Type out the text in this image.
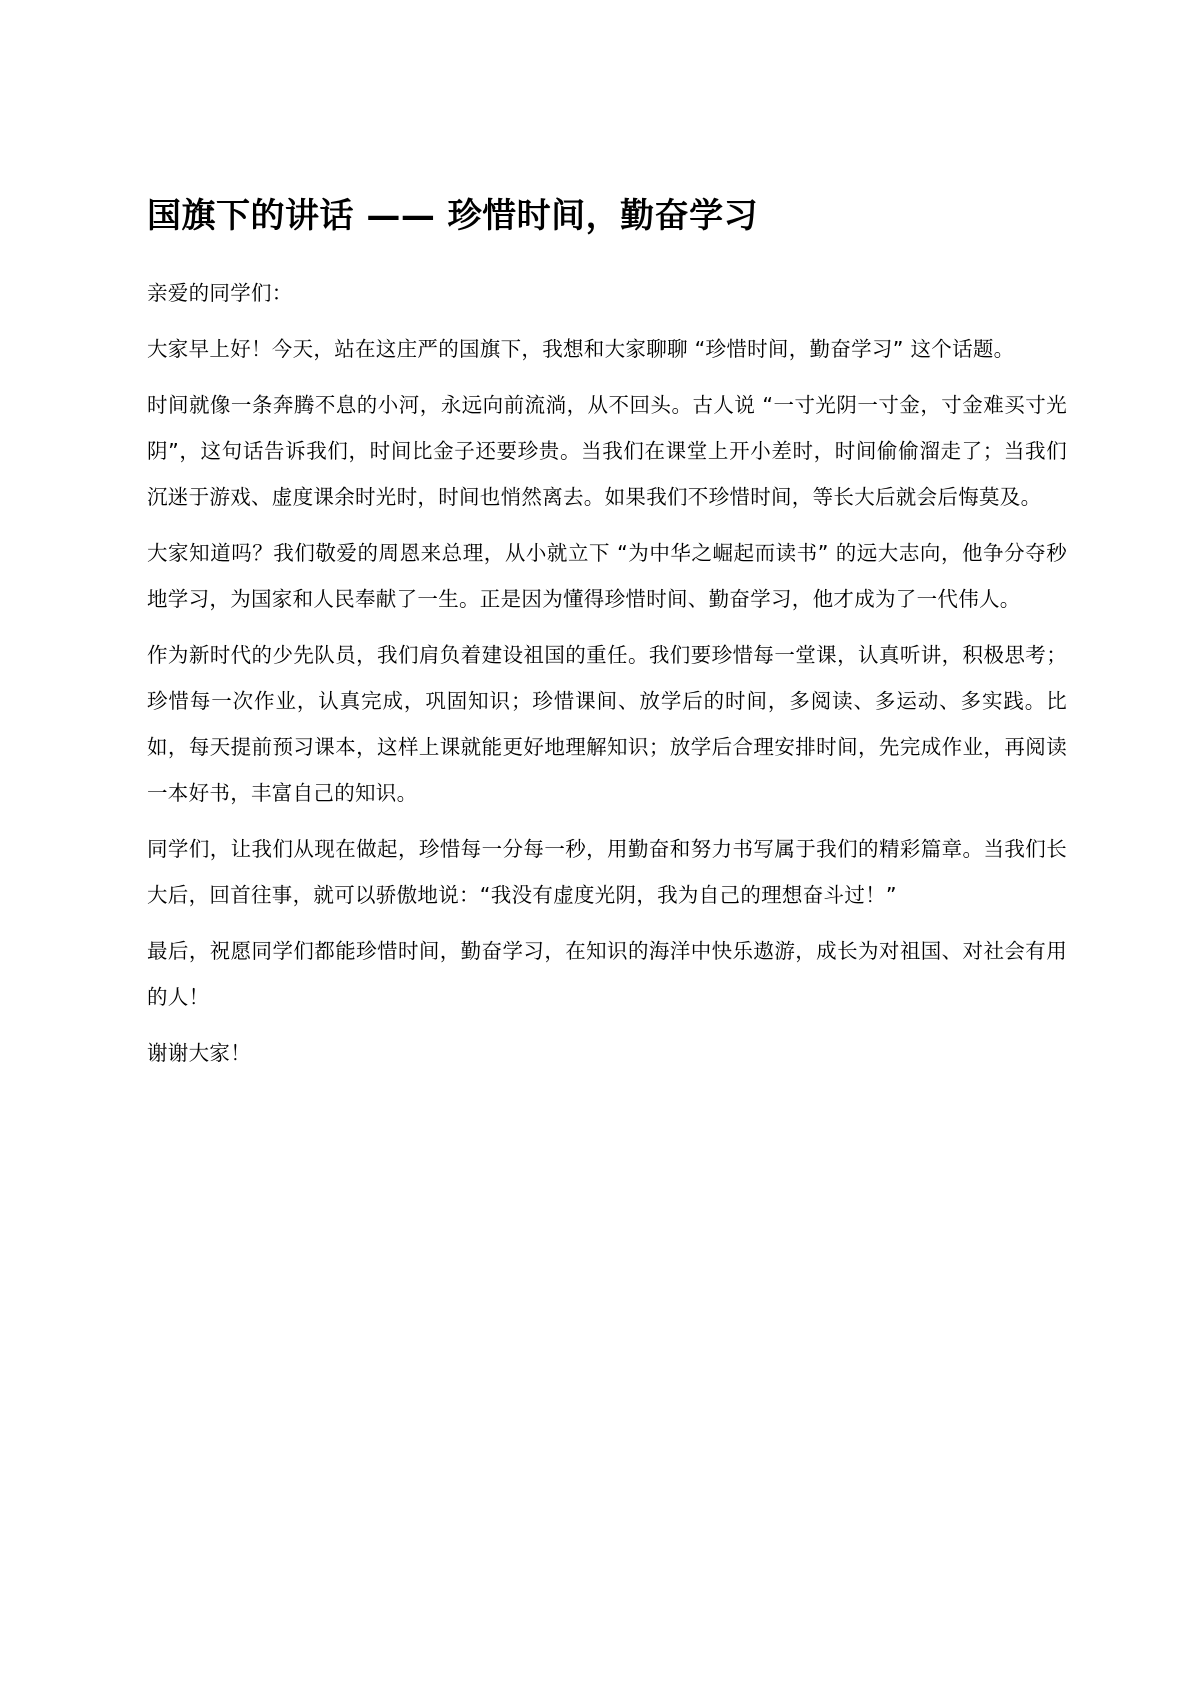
国旗下的讲话 —— 珍惜时间，勤奋学习

亲爱的同学们：

大家早上好！今天，站在这庄严的国旗下，我想和大家聊聊 “珍惜时间，勤奋学习” 这个话题。

时间就像一条奔腾不息的小河，永远向前流淌，从不回头。古人说 “一寸光阴一寸金，寸金难买寸光阴”，这句话告诉我们，时间比金子还要珍贵。当我们在课堂上开小差时，时间偷偷溜走了；当我们沉迷于游戏、虚度课余时光时，时间也悄然离去。如果我们不珍惜时间，等长大后就会后悔莫及。

大家知道吗？我们敬爱的周恩来总理，从小就立下 “为中华之崛起而读书” 的远大志向，他争分夺秒地学习，为国家和人民奉献了一生。正是因为懂得珍惜时间、勤奋学习，他才成为了一代伟人。

作为新时代的少先队员，我们肩负着建设祖国的重任。我们要珍惜每一堂课，认真听讲，积极思考；珍惜每一次作业，认真完成，巩固知识；珍惜课间、放学后的时间，多阅读、多运动、多实践。比如，每天提前预习课本，这样上课就能更好地理解知识；放学后合理安排时间，先完成作业，再阅读一本好书，丰富自己的知识。

同学们，让我们从现在做起，珍惜每一分每一秒，用勤奋和努力书写属于我们的精彩篇章。当我们长大后，回首往事，就可以骄傲地说：“我没有虚度光阴，我为自己的理想奋斗过！”

最后，祝愿同学们都能珍惜时间，勤奋学习，在知识的海洋中快乐遨游，成长为对祖国、对社会有用的人！

谢谢大家！
